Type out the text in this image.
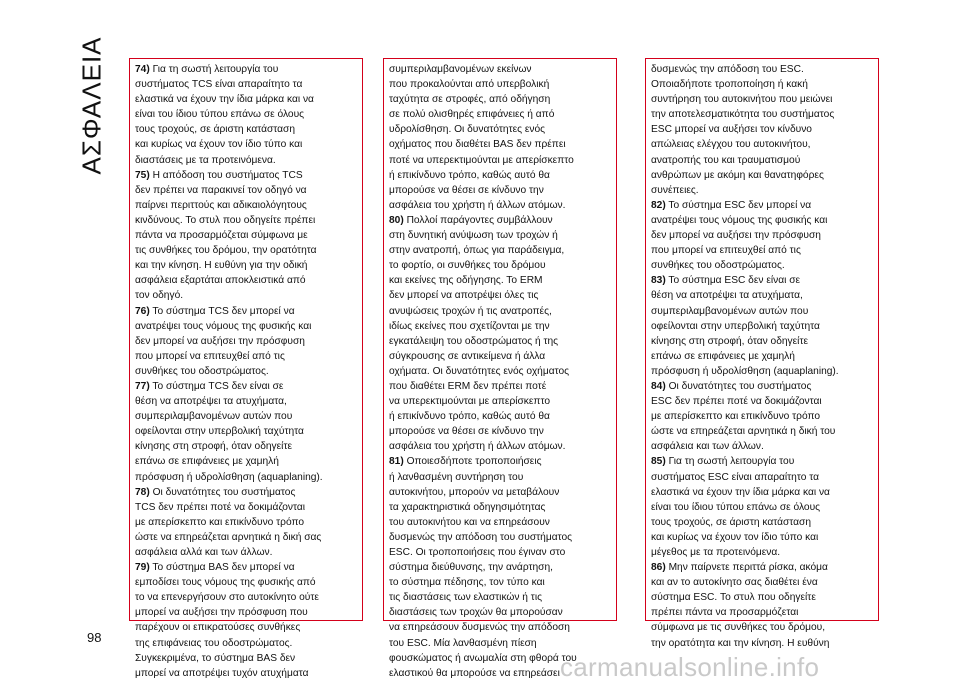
ΑΣΦΑΛΕΙΑ	74) Για τη σωστή λειτουργία του
συστήματος TCS είναι απαραίτητο τα
ελαστικά να έχουν την ίδια μάρκα και να
είναι του ίδιου τύπου επάνω σε όλους
τους τροχούς, σε άριστη κατάσταση
και κυρίως να έχουν τον ίδιο τύπο και
διαστάσεις με τα προτεινόμενα.

75) Η απόδοση του συστήματος TCS
δεν πρέπει να παρακινεί τον οδηγό να
παίρνει περιττούς και αδικαιολόγητους
κινδύνους. Το στυλ που οδηγείτε πρέπει
πάντα να προσαρμόζεται σύμφωνα με
τις συνθήκες του δρόμου, την ορατότητα
και την κίνηση. Η ευθύνη για την οδική
ασφάλεια εξαρτάται αποκλειστικά από
τον οδηγό.

76) Το σύστημα TCS δεν μπορεί να
ανατρέψει τους νόμους της φυσικής και
δεν μπορεί να αυξήσει την πρόσφυση
που μπορεί να επιτευχθεί από τις
συνθήκες του οδοστρώματος.

77) Το σύστημα TCS δεν είναι σε
θέση να αποτρέψει τα ατυχήματα,
συμπεριλαμβανομένων αυτών που
οφείλονται στην υπερβολική ταχύτητα
κίνησης στη στροφή, όταν οδηγείτε
επάνω σε επιφάνειες με χαμηλή
πρόσφυση ή υδρολίσθηση (aquaplaning).

78) Οι δυνατότητες του συστήματος
TCS δεν πρέπει ποτέ να δοκιμάζονται
με απερίσκεπτο και επικίνδυνο τρόπο
ώστε να επηρεάζεται αρνητικά η δική σας
ασφάλεια αλλά και των άλλων.

79) Το σύστημα BAS δεν μπορεί να
εμποδίσει τους νόμους της φυσικής από
το να επενεργήσουν στο αυτοκίνητο ούτε
μπορεί να αυξήσει την πρόσφυση που
παρέχουν οι επικρατούσες συνθήκες
της επιφάνειας του οδοστρώματος.
Συγκεκριμένα, το σύστημα BAS δεν
μπορεί να αποτρέψει τυχόν ατυχήματα

συμπεριλαμβανομένων εκείνων
που προκαλούνται από υπερβολική
ταχύτητα σε στροφές, από οδήγηση
σε πολύ ολισθηρές επιφάνειες ή από
υδρολίσθηση. Οι δυνατότητες ενός
οχήματος που διαθέτει BAS δεν πρέπει
ποτέ να υπερεκτιμούνται με απερίσκεπτο
ή επικίνδυνο τρόπο, καθώς αυτό θα
μπορούσε να θέσει σε κίνδυνο την
ασφάλεια του χρήστη ή άλλων ατόμων.

80) Πολλοί παράγοντες συμβάλλουν
στη δυνητική ανύψωση των τροχών ή
στην ανατροπή, όπως για παράδειγμα,
το φορτίο, οι συνθήκες του δρόμου
και εκείνες της οδήγησης. Το ERM
δεν μπορεί να αποτρέψει όλες τις
ανυψώσεις τροχών ή τις ανατροπές,
ιδίως εκείνες που σχετίζονται με την
εγκατάλειψη του οδοστρώματος ή της
σύγκρουσης σε αντικείμενα ή άλλα
οχήματα. Οι δυνατότητες ενός οχήματος
που διαθέτει ERM δεν πρέπει ποτέ
να υπερεκτιμούνται με απερίσκεπτο
ή επικίνδυνο τρόπο, καθώς αυτό θα
μπορούσε να θέσει σε κίνδυνο την
ασφάλεια του χρήστη ή άλλων ατόμων.

81) Οποιεσδήποτε τροποποιήσεις
ή λανθασμένη συντήρηση του
αυτοκινήτου, μπορούν να μεταβάλουν
τα χαρακτηριστικά οδηγησιμότητας
του αυτοκινήτου και να επηρεάσουν
δυσμενώς την απόδοση του συστήματος
ESC. Οι τροποποιήσεις που έγιναν στο
σύστημα διεύθυνσης, την ανάρτηση,
το σύστημα πέδησης, τον τύπο και
τις διαστάσεις των ελαστικών ή τις
διαστάσεις των τροχών θα μπορούσαν
να επηρεάσουν δυσμενώς την απόδοση
του ESC. Μία λανθασμένη πίεση
φουσκώματος ή ανωμαλία στη φθορά του
ελαστικού θα μπορούσε να επηρεάσει

δυσμενώς την απόδοση του ESC.
Οποιαδήποτε τροποποίηση ή κακή
συντήρηση του αυτοκινήτου που μειώνει
την αποτελεσματικότητα του συστήματος
ESC μπορεί να αυξήσει τον κίνδυνο
απώλειας ελέγχου του αυτοκινήτου,
ανατροπής του και τραυματισμού
ανθρώπων με ακόμη και θανατηφόρες
συνέπειες.

82) Το σύστημα ESC δεν μπορεί να
ανατρέψει τους νόμους της φυσικής και
δεν μπορεί να αυξήσει την πρόσφυση
που μπορεί να επιτευχθεί από τις
συνθήκες του οδοστρώματος.

83) Το σύστημα ESC δεν είναι σε
θέση να αποτρέψει τα ατυχήματα,
συμπεριλαμβανομένων αυτών που
οφείλονται στην υπερβολική ταχύτητα
κίνησης στη στροφή, όταν οδηγείτε
επάνω σε επιφάνειες με χαμηλή
πρόσφυση ή υδρολίσθηση (aquaplaning).

84) Οι δυνατότητες του συστήματος
ESC δεν πρέπει ποτέ να δοκιμάζονται
με απερίσκεπτο και επικίνδυνο τρόπο
ώστε να επηρεάζεται αρνητικά η δική του
ασφάλεια και των άλλων.

85) Για τη σωστή λειτουργία του
συστήματος ESC είναι απαραίτητο τα
ελαστικά να έχουν την ίδια μάρκα και να
είναι του ίδιου τύπου επάνω σε όλους
τους τροχούς, σε άριστη κατάσταση
και κυρίως να έχουν τον ίδιο τύπο και
μέγεθος με τα προτεινόμενα.

86) Μην παίρνετε περιττά ρίσκα, ακόμα
και αν το αυτοκίνητο σας διαθέτει ένα
σύστημα ESC. Το στυλ που οδηγείτε
πρέπει πάντα να προσαρμόζεται
σύμφωνα με τις συνθήκες του δρόμου,
την ορατότητα και την κίνηση. Η ευθύνη

98
carmanualsonline.info
